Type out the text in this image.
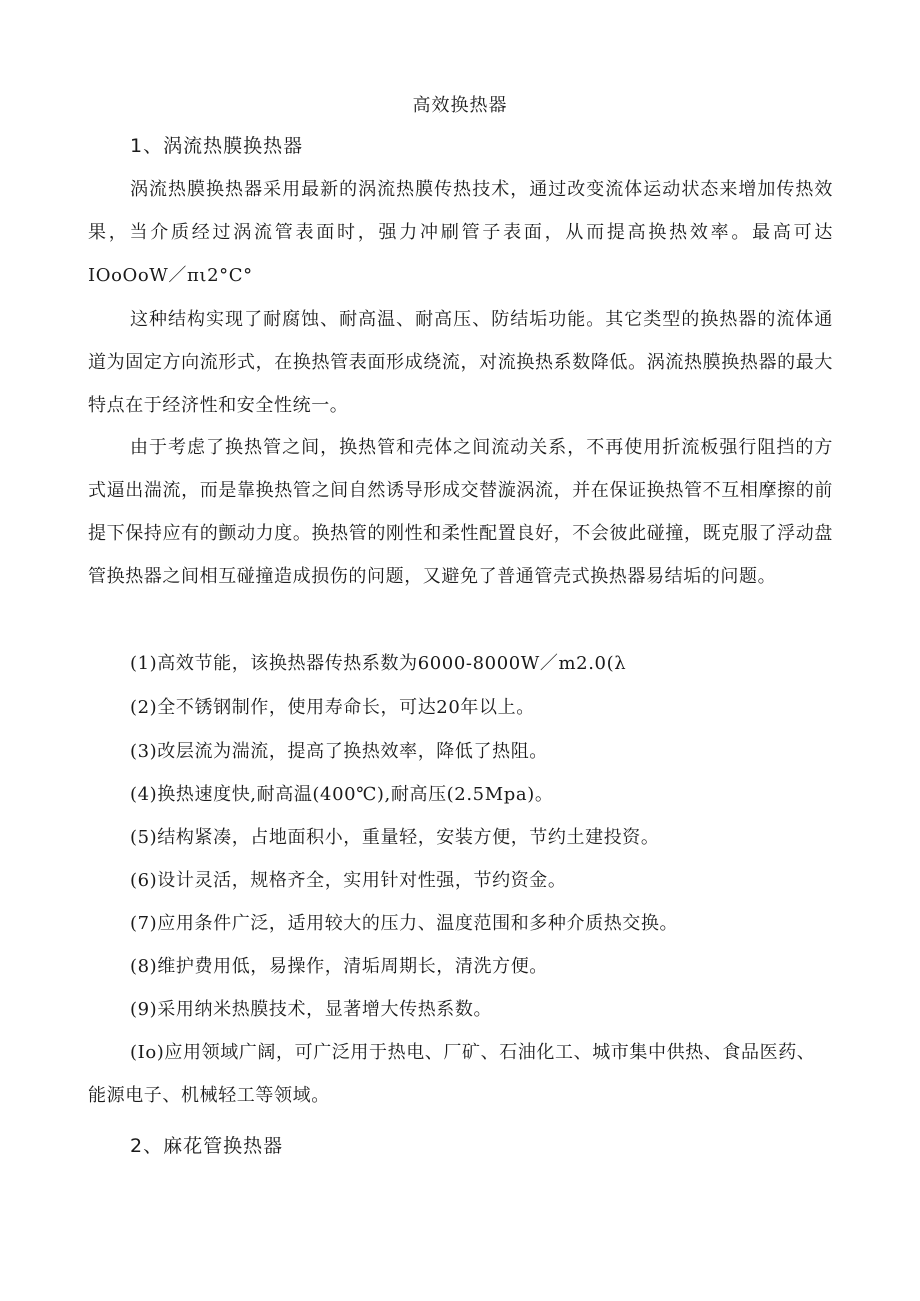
高效换热器
1、涡流热膜换热器

涡流热膜换热器采用最新的涡流热膜传热技术，通过改变流体运动状态来增加传热效果，当介质经过涡流管表面时，强力冲刷管子表面，从而提高换热效率。最高可达IOoOoW／πι2°C°

这种结构实现了耐腐蚀、耐高温、耐高压、防结垢功能。其它类型的换热器的流体通道为固定方向流形式，在换热管表面形成绕流，对流换热系数降低。涡流热膜换热器的最大特点在于经济性和安全性统一。

由于考虑了换热管之间，换热管和壳体之间流动关系，不再使用折流板强行阻挡的方式逼出湍流，而是靠换热管之间自然诱导形成交替漩涡流，并在保证换热管不互相摩擦的前提下保持应有的颤动力度。换热管的刚性和柔性配置良好，不会彼此碰撞，既克服了浮动盘管换热器之间相互碰撞造成损伤的问题，又避免了普通管壳式换热器易结垢的问题。

(1)高效节能，该换热器传热系数为6000-8000W／m2.0(λ

(2)全不锈钢制作，使用寿命长，可达20年以上。

(3)改层流为湍流，提高了换热效率，降低了热阻。

(4)换热速度快,耐高温(400℃),耐高压(2.5Mpa)。

(5)结构紧凑，占地面积小，重量轻，安装方便，节约土建投资。

(6)设计灵活，规格齐全，实用针对性强，节约资金。

(7)应用条件广泛，适用较大的压力、温度范围和多种介质热交换。

(8)维护费用低，易操作，清垢周期长，清洗方便。

(9)采用纳米热膜技术，显著增大传热系数。

(Io)应用领域广阔，可广泛用于热电、厂矿、石油化工、城市集中供热、食品医药、能源电子、机械轻工等领域。

2、麻花管换热器
